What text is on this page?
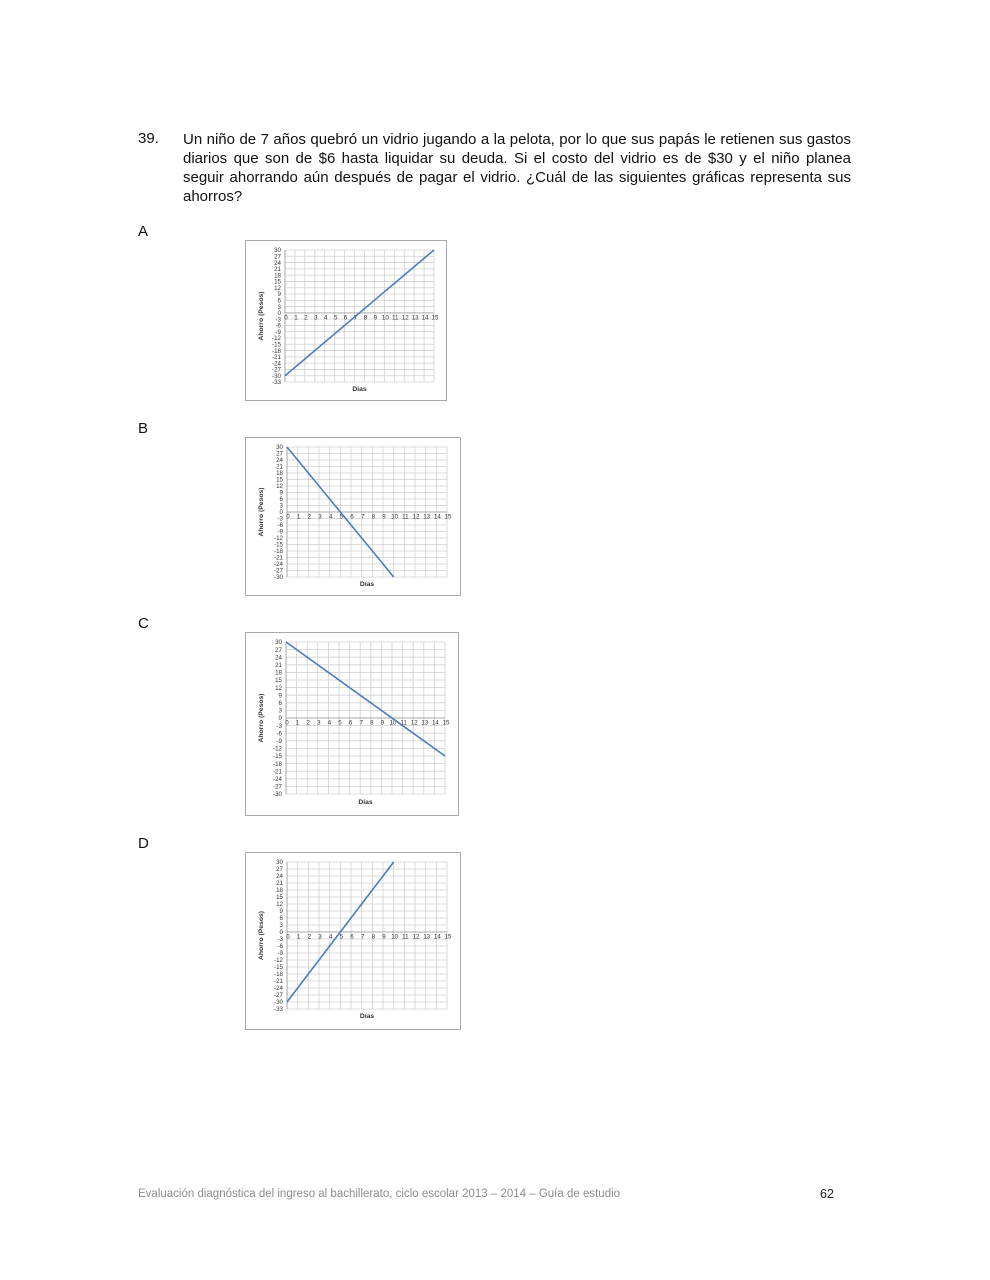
39. Un niño de 7 años quebró un vidrio jugando a la pelota, por lo que sus papás le retienen sus gastos diarios que son de $6 hasta liquidar su deuda. Si el costo del vidrio es de $30 y el niño planea seguir ahorrando aún después de pagar el vidrio. ¿Cuál de las siguientes gráficas representa sus ahorros?

A
30
27
24
21
18
15
12
9
6
3
0
-3
-6
-9
-12
-15
-18
-21
-24
-27
-30
-33
0 1 2 3 4 5 6 7 8 9 10 11 12 13 14 15
Días
Ahorro (Pesos)
B
30
27
24
21
18
15
12
9
6
3
0
-3
-6
-9
-12
-15
-18
-21
-24
-27
-30
0 1 2 3 4 5 6 7 8 9 10 11 12 13 14 15
Días
Ahorro (Pesos)
C
30
27
24
21
18
15
12
9
6
3
0
-3
-6
-9
-12
-15
-18
-21
-24
-27
-30
0 1 2 3 4 5 6 7 8 9 10 11 12 13 14 15
Días
Ahorro (Pesos)
D
30
27
24
21
18
15
12
9
6
3
0
-3
-6
-9
-12
-15
-18
-21
-24
-27
-30
-33
0 1 2 3 4 5 6 7 8 9 10 11 12 13 14 15
Días
Ahorro (Pesos)
Evaluación diagnóstica del ingreso al bachillerato, ciclo escolar 2013 – 2014 – Guía de estudio	62
